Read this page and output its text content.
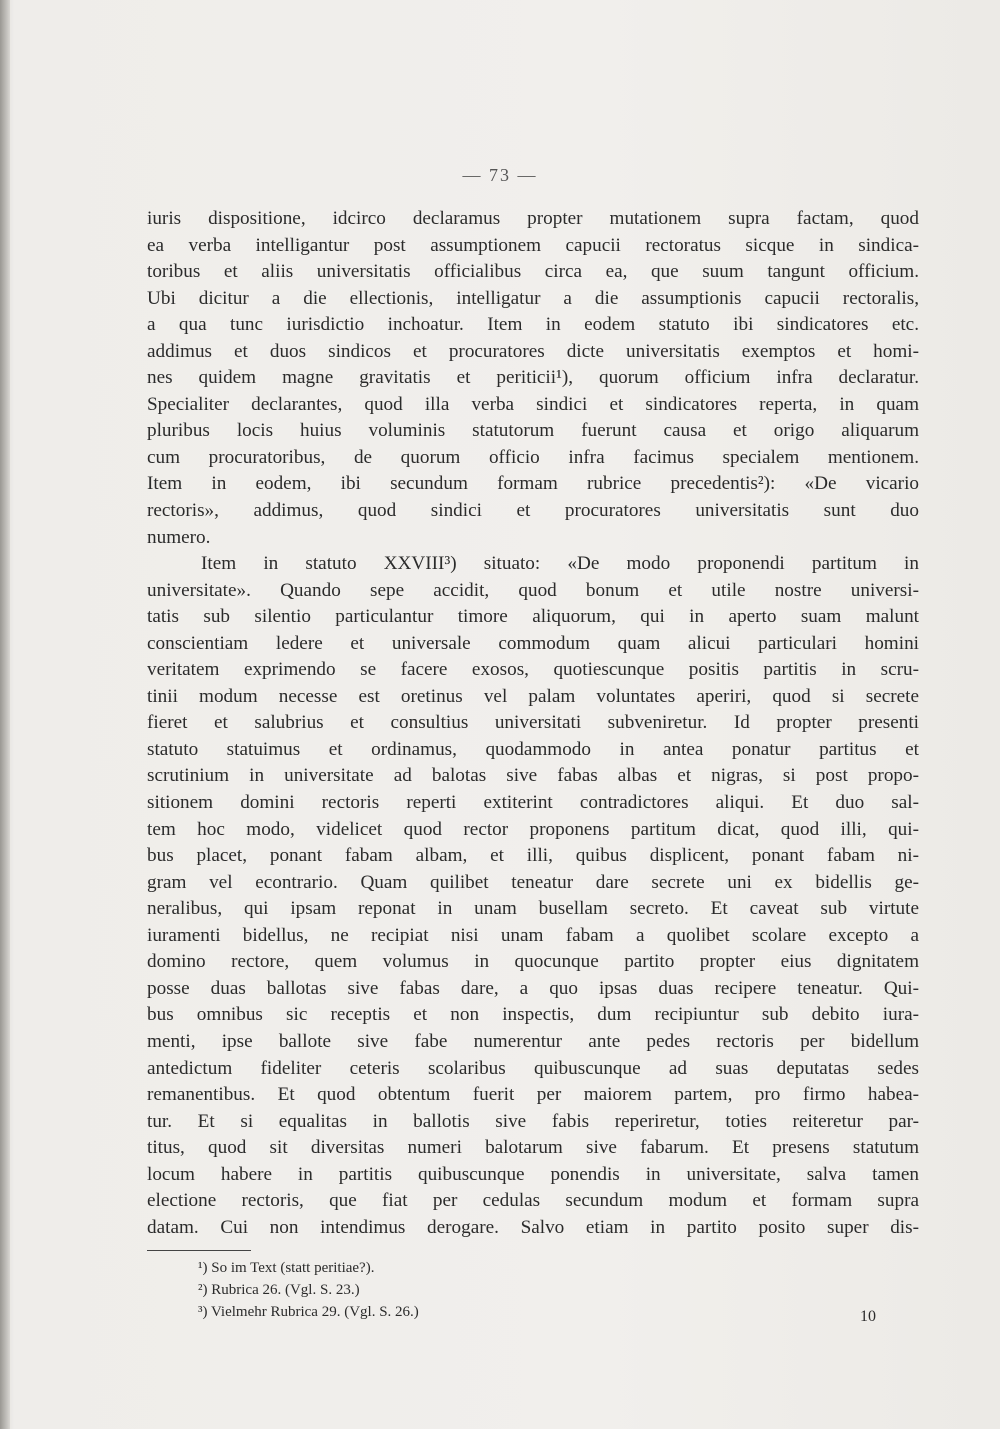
— 73 —
iuris dispositione, idcirco declaramus propter mutationem supra factam, quod
ea verba intelligantur post assumptionem capucii rectoratus sicque in sindica-
toribus et aliis universitatis officialibus circa ea, que suum tangunt officium.
Ubi dicitur a die ellectionis, intelligatur a die assumptionis capucii rectoralis,
a qua tunc iurisdictio inchoatur. Item in eodem statuto ibi sindicatores etc.
addimus et duos sindicos et procuratores dicte universitatis exemptos et homi-
nes quidem magne gravitatis et periticii¹), quorum officium infra declaratur.
Specialiter declarantes, quod illa verba sindici et sindicatores reperta, in quam
pluribus locis huius voluminis statutorum fuerunt causa et origo aliquarum
cum procuratoribus, de quorum officio infra facimus specialem mentionem.
Item in eodem, ibi secundum formam rubrice precedentis²): «De vicario
rectoris», addimus, quod sindici et procuratores universitatis sunt duo
numero.
Item in statuto XXVIII³) situato: «De modo proponendi partitum in
universitate». Quando sepe accidit, quod bonum et utile nostre universi-
tatis sub silentio particulantur timore aliquorum, qui in aperto suam malunt
conscientiam ledere et universale commodum quam alicui particulari homini
veritatem exprimendo se facere exosos, quotiescunque positis partitis in scru-
tinii modum necesse est oretinus vel palam voluntates aperiri, quod si secrete
fieret et salubrius et consultius universitati subveniretur. Id propter presenti
statuto statuimus et ordinamus, quodammodo in antea ponatur partitus et
scrutinium in universitate ad balotas sive fabas albas et nigras, si post propo-
sitionem domini rectoris reperti extiterint contradictores aliqui. Et duo sal-
tem hoc modo, videlicet quod rector proponens partitum dicat, quod illi, qui-
bus placet, ponant fabam albam, et illi, quibus displicent, ponant fabam ni-
gram vel econtrario. Quam quilibet teneatur dare secrete uni ex bidellis ge-
neralibus, qui ipsam reponat in unam busellam secreto. Et caveat sub virtute
iuramenti bidellus, ne recipiat nisi unam fabam a quolibet scolare excepto a
domino rectore, quem volumus in quocunque partito propter eius dignitatem
posse duas ballotas sive fabas dare, a quo ipsas duas recipere teneatur. Qui-
bus omnibus sic receptis et non inspectis, dum recipiuntur sub debito iura-
menti, ipse ballote sive fabe numerentur ante pedes rectoris per bidellum
antedictum fideliter ceteris scolaribus quibuscunque ad suas deputatas sedes
remanentibus. Et quod obtentum fuerit per maiorem partem, pro firmo habea-
tur. Et si equalitas in ballotis sive fabis reperiretur, toties reiteretur par-
titus, quod sit diversitas numeri balotarum sive fabarum. Et presens statutum
locum habere in partitis quibuscunque ponendis in universitate, salva tamen
electione rectoris, que fiat per cedulas secundum modum et formam supra
datam. Cui non intendimus derogare. Salvo etiam in partito posito super dis-
¹) So im Text (statt peritiae?).
²) Rubrica 26. (Vgl. S. 23.)
³) Vielmehr Rubrica 29. (Vgl. S. 26.)	10
